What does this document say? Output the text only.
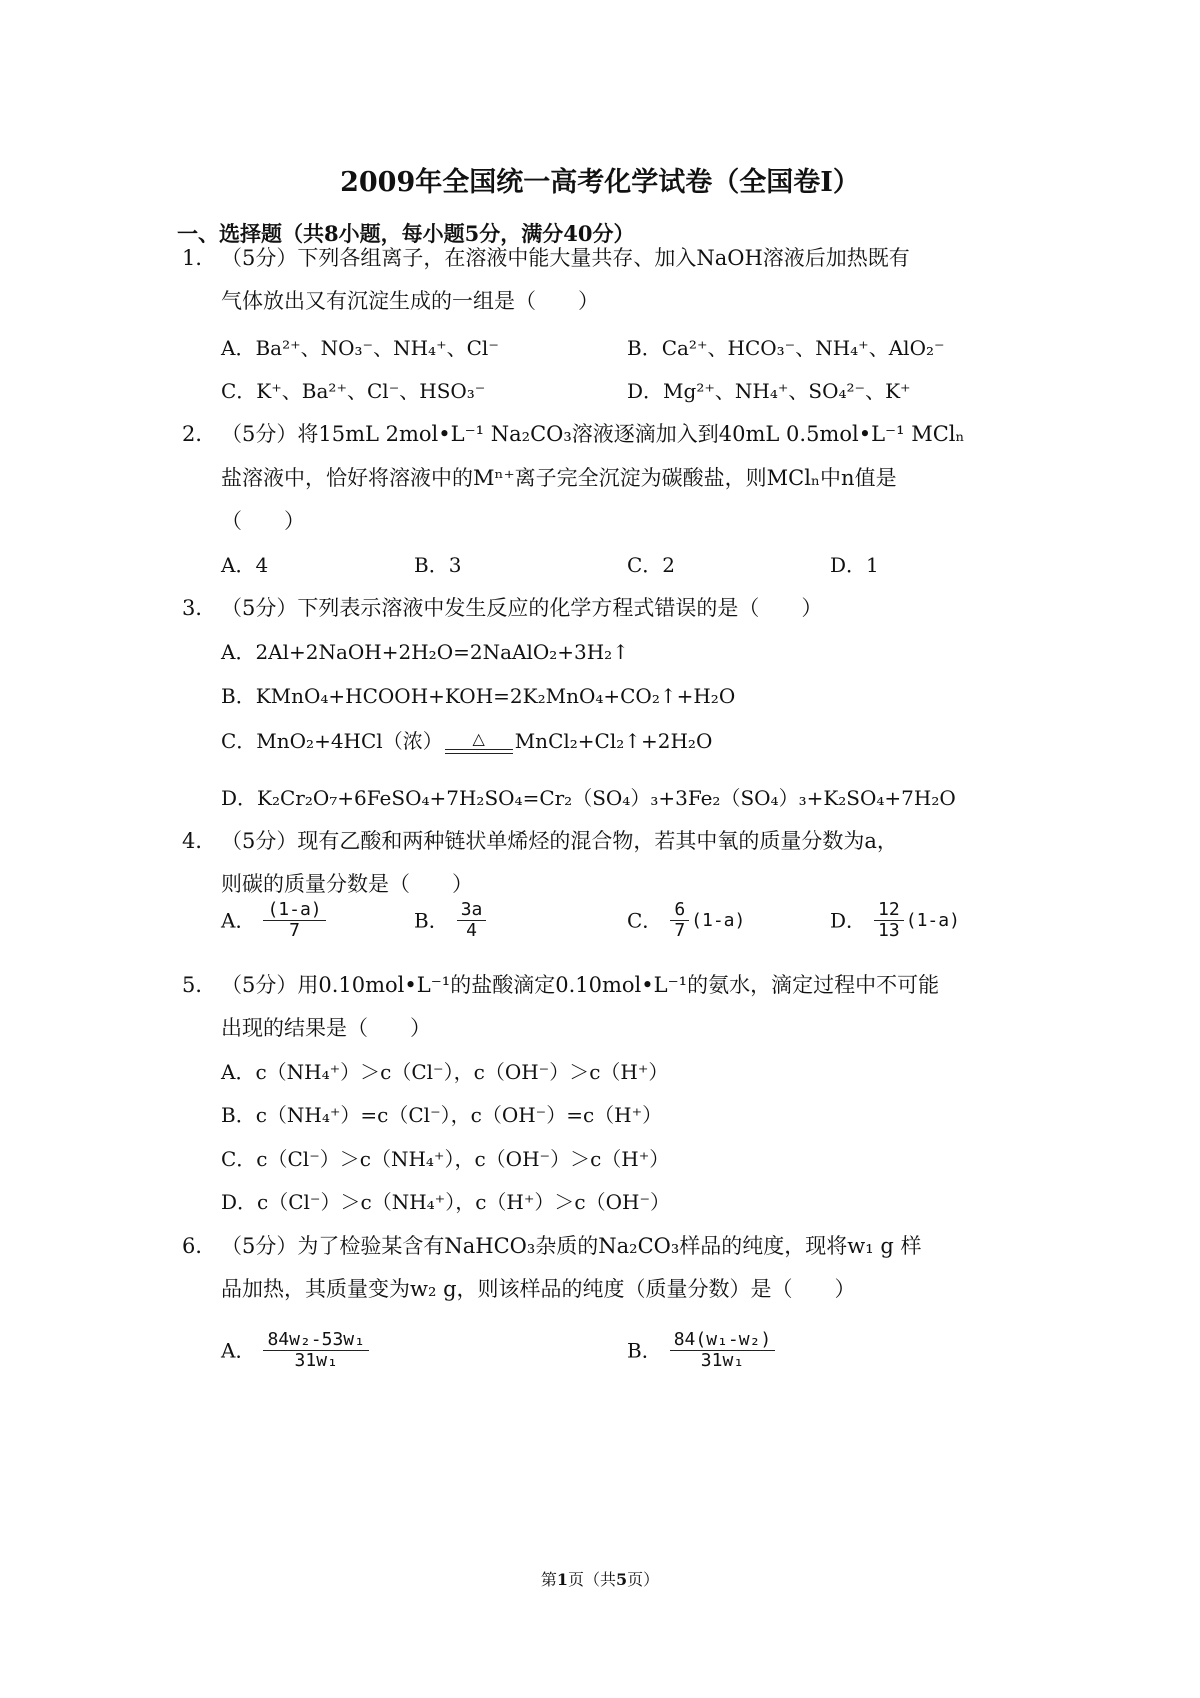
2009年全国统一高考化学试卷（全国卷I）
一、选择题（共8小题，每小题5分，满分40分）
1． （5分）下列各组离子，在溶液中能大量共存、加入NaOH溶液后加热既有
气体放出又有沉淀生成的一组是（　　）
A．Ba²⁺、NO₃⁻、NH₄⁺、Cl⁻	B．Ca²⁺、HCO₃⁻、NH₄⁺、AlO₂⁻
C．K⁺、Ba²⁺、Cl⁻、HSO₃⁻	D．Mg²⁺、NH₄⁺、SO₄²⁻、K⁺
2． （5分）将15mL 2mol•L⁻¹ Na₂CO₃溶液逐滴加入到40mL 0.5mol•L⁻¹ MClₙ
盐溶液中，恰好将溶液中的Mⁿ⁺离子完全沉淀为碳酸盐，则MClₙ中n值是
（　　）
A．4	B．3	C．2	D．1
3． （5分）下列表示溶液中发生反应的化学方程式错误的是（　　）
A．2Al+2NaOH+2H₂O=2NaAlO₂+3H₂↑
B．KMnO₄+HCOOH+KOH=2K₂MnO₄+CO₂↑+H₂O
C．MnO₂+4HCl（浓）	△	MnCl₂+Cl₂↑+2H₂O
D．K₂Cr₂O₇+6FeSO₄+7H₂SO₄=Cr₂（SO₄）₃+3Fe₂（SO₄）₃+K₂SO₄+7H₂O
4． （5分）现有乙酸和两种链状单烯烃的混合物，若其中氧的质量分数为a，
则碳的质量分数是（　　）
A． $\frac{(1-a)}{7}$	B． $\frac{3a}{4}$	C． $\frac{6}{7} (1-a)$	D． $\frac{12}{13} (1-a)$
5． （5分）用0.10mol•L⁻¹的盐酸滴定0.10mol•L⁻¹的氨水，滴定过程中不可能
出现的结果是（　　）
A．c（NH₄⁺）＞c（Cl⁻），c（OH⁻）＞c（H⁺）
B．c（NH₄⁺）=c（Cl⁻），c（OH⁻）=c（H⁺）
C．c（Cl⁻）＞c（NH₄⁺），c（OH⁻）＞c（H⁺）
D．c（Cl⁻）＞c（NH₄⁺），c（H⁺）＞c（OH⁻）
6． （5分）为了检验某含有NaHCO₃杂质的Na₂CO₃样品的纯度，现将w₁ g 样
品加热，其质量变为w₂ g，则该样品的纯度（质量分数）是（　　）
A． $\frac{\text{84w₂-53w₁}}{\text{31w₁}}$	B． $\frac{\text{84(w₁-w₂)}}{\text{31w₁}}$
第1页（共5页）
